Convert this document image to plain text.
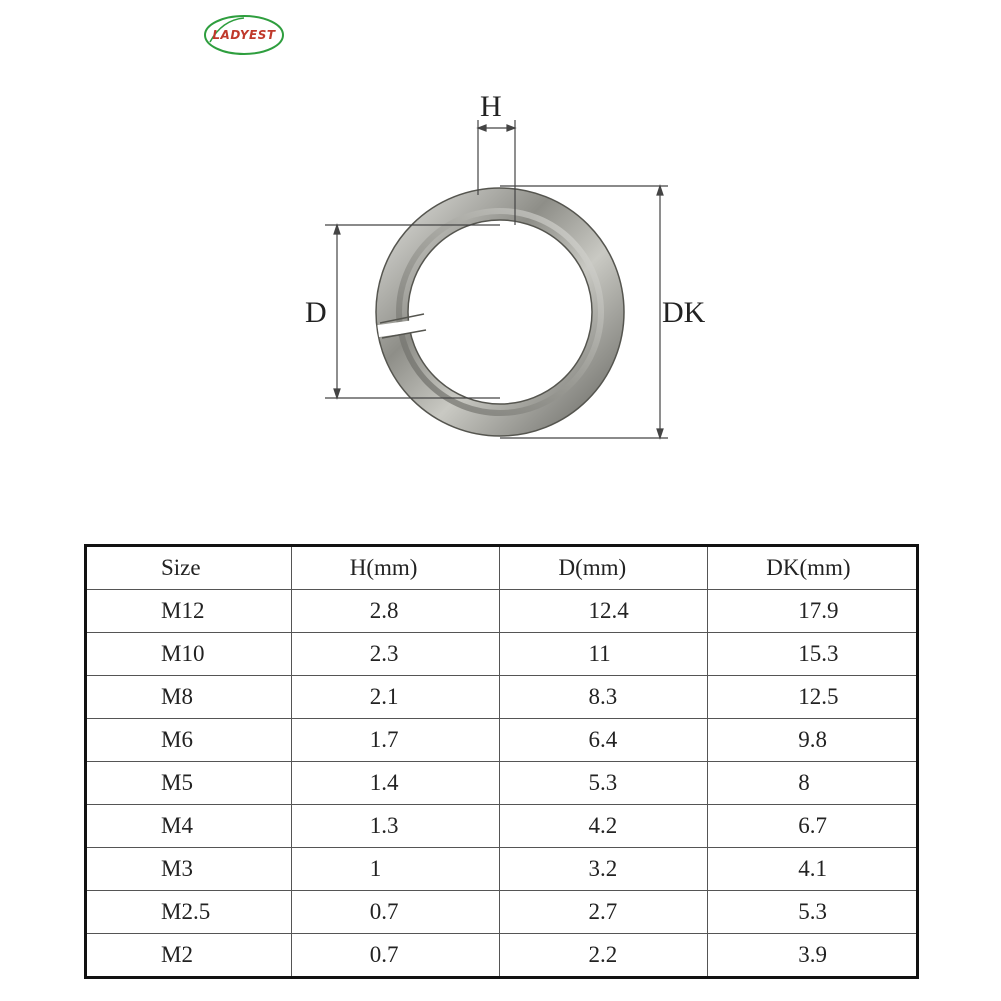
LADYEST
H
D	DK
Size	H(mm)	D(mm)	DK(mm)
M12	2.8	12.4	17.9
M10	2.3	11	15.3
M8	2.1	8.3	12.5
M6	1.7	6.4	9.8
M5	1.4	5.3	8
M4	1.3	4.2	6.7
M3	1	3.2	4.1
M2.5	0.7	2.7	5.3
M2	0.7	2.2	3.9
